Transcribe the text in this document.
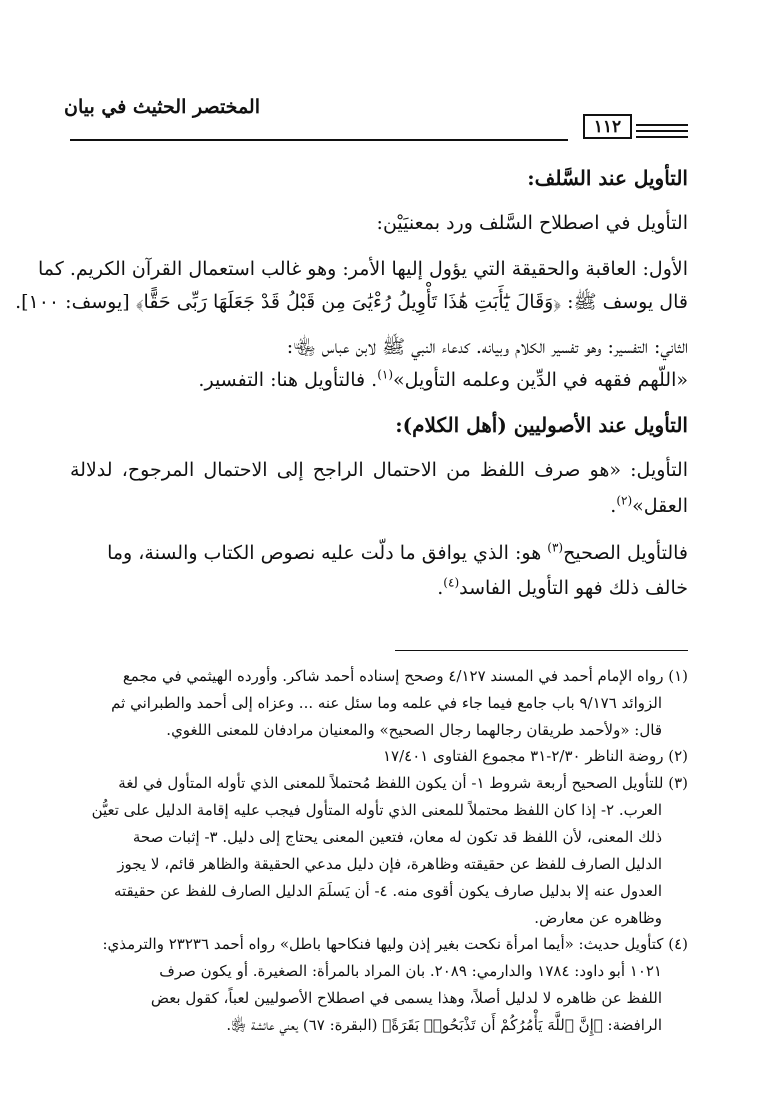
المختصر الحثيث في بيان
١١٢
التأويل عند السَّلف:
التأويل في اصطلاح السَّلف ورد بمعنيَيْن:
الأول: العاقبة والحقيقة التي يؤول إليها الأمر: وهو غالب استعمال القرآن الكريم. كما
قال يوسف ﷺ: ﴿وَقَالَ يَٰٓأَبَتِ هَٰذَا تَأْوِيلُ رُءْيَٰىَ مِن قَبْلُ قَدْ جَعَلَهَا رَبِّى حَقًّا﴾ [يوسف: ١٠٠].
الثاني: التفسير: وهو تفسير الكلام وبيانه. كدعاء النبي ﷺ لابن عباس ﵄:
«اللّهم فقهه في الدِّين وعلمه التأويل»$^{(١)}$. فالتأويل هنا: التفسير.
التأويل عند الأصوليين (أهل الكلام):
التأويل: «هو صرف اللفظ من الاحتمال الراجح إلى الاحتمال المرجوح، لدلالة
العقل»$^{(٢)}$.
فالتأويل الصحيح$^{(٣)}$ هو: الذي يوافق ما دلّت عليه نصوص الكتاب والسنة، وما
خالف ذلك فهو التأويل الفاسد$^{(٤)}$.
(١) رواه الإمام أحمد في المسند ٤/١٢٧ وصحح إسناده أحمد شاكر. وأورده الهيثمي في مجمع
الزوائد ٩/١٧٦ باب جامع فيما جاء في علمه وما سئل عنه ... وعزاه إلى أحمد والطبراني ثم
قال: «ولأحمد طريقان رجالهما رجال الصحيح» والمعنيان مرادفان للمعنى اللغوي.
(٢) روضة الناظر ٢/٣٠-٣١ مجموع الفتاوى ١٧/٤٠١
(٣) للتأويل الصحيح أربعة شروط ١- أن يكون اللفظ مُحتملاً للمعنى الذي تأوله المتأول في لغة
العرب. ٢- إذا كان اللفظ محتملاً للمعنى الذي تأوله المتأول فيجب عليه إقامة الدليل على تعيُّن
ذلك المعنى، لأن اللفظ قد تكون له معان، فتعين المعنى يحتاج إلى دليل. ٣- إثبات صحة
الدليل الصارف للفظ عن حقيقته وظاهرة، فإن دليل مدعي الحقيقة والظاهر قائم، لا يجوز
العدول عنه إلا بدليل صارف يكون أقوى منه. ٤- أن يَسلَمَ الدليل الصارف للفظ عن حقيقته
وظاهره عن معارض.
(٤) كتأويل حديث: «أيما امرأة نكحت بغير إذن وليها فنكاحها باطل» رواه أحمد ٢٣٢٣٦ والترمذي:
١٠٢١ أبو داود: ١٧٨٤ والدارمي: ٢٠٨٩. بان المراد بالمرأة: الصغيرة. أو يكون صرف
اللفظ عن ظاهره لا لدليل أصلاً، وهذا يسمى في اصطلاح الأصوليين لعباً، كقول بعض
الرافضة: ﴿إِنَّ ٱللَّهَ يَأْمُرُكُمْ أَن تَذْبَحُوا۟ بَقَرَةً﴾ (البقرة: ٦٧) يعني عائشة ﵂.
